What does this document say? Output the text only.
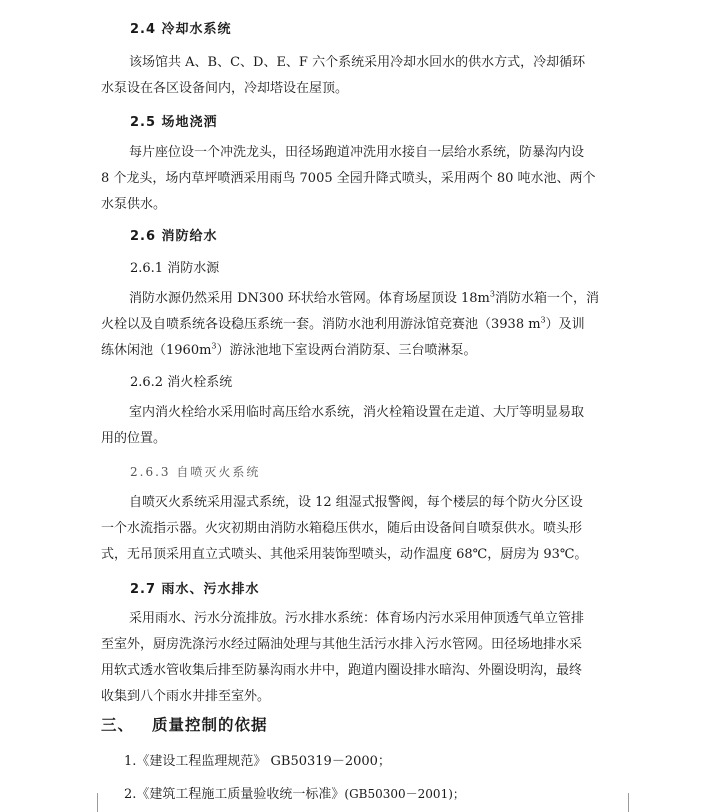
2.4 冷却水系统
该场馆共 A、B、C、D、E、F 六个系统采用冷却水回水的供水方式，冷却循环
水泵设在各区设备间内，冷却塔设在屋顶。
2.5 场地浇洒
每片座位设一个冲洗龙头，田径场跑道冲洗用水接自一层给水系统，防暴沟内设
8 个龙头，场内草坪喷洒采用雨鸟 7005 全园升降式喷头，采用两个 80 吨水池、两个
水泵供水。
2.6 消防给水
2.6.1 消防水源
消防水源仍然采用 DN300 环状给水管网。体育场屋顶设 $18m^3$消防水箱一个，消
火栓以及自喷系统各设稳压系统一套。消防水池利用游泳馆竞赛池（3938 $m^3$）及训
练休闲池$(1960m^3)$游泳池地下室设两台消防泵、三台喷淋泵。
2.6.2 消火栓系统
室内消火栓给水采用临时高压给水系统，消火栓箱设置在走道、大厅等明显易取
用的位置。
2.6.3 自喷灭火系统
自喷灭火系统采用湿式系统，设 12 组湿式报警阀，每个楼层的每个防火分区设
一个水流指示器。火灾初期由消防水箱稳压供水，随后由设备间自喷泵供水。喷头形
式，无吊顶采用直立式喷头、其他采用装饰型喷头，动作温度 68℃，厨房为 93℃。
2.7 雨水、污水排水
采用雨水、污水分流排放。污水排水系统：体育场内污水采用伸顶透气单立管排
至室外，厨房洗涤污水经过隔油处理与其他生活污水排入污水管网。田径场地排水采
用软式透水管收集后排至防暴沟雨水井中，跑道内圈设排水暗沟、外圈设明沟，最终
收集到八个雨水井排至室外。
三、 质量控制的依据
1.《建设工程监理规范》 GB50319－2000；
2.《建筑工程施工质量验收统一标准》(GB50300－2001)；
